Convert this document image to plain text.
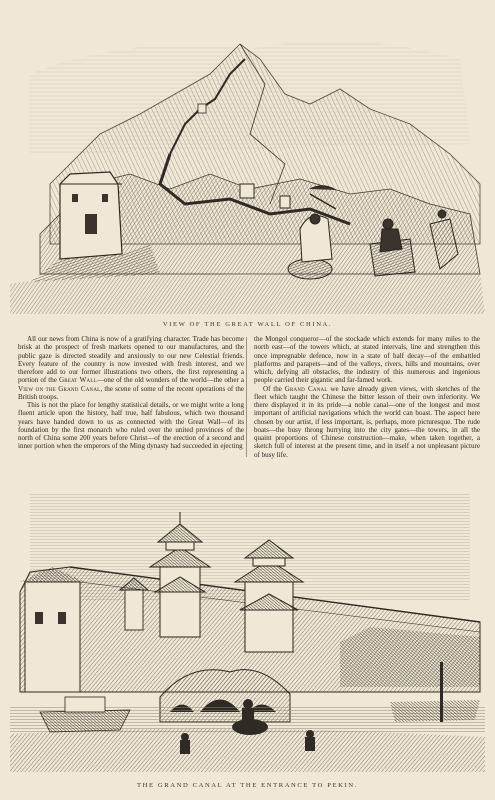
VIEW OF THE GREAT WALL OF CHINA.

All our news from China is now of a gratifying character. Trade has become brisk at the prospect of fresh markets opened to our manufactures, and the public gaze is directed steadily and anxiously to our new Celestial friends. Every feature of the country is now invested with fresh interest, and we therefore add to our former illustrations two others, the first representing a portion of the Great Wall—one of the old wonders of the world—the other a View on the Grand Canal, the scene of some of the recent operations of the British troops.

This is not the place for lengthy statistical details, or we might write a long fluent article upon the history, half true, half fabulous, which two thousand years have handed down to us as connected with the Great Wall—of its foundation by the first monarch who ruled over the united provinces of the north of China some 200 years before Christ—of the erection of a second and inner portion when the emperors of the Ming dynasty had succeeded in ejecting

the Mongol conqueror—of the stockade which extends for many miles to the north east—of the towers which, at stated intervals, line and strengthen this once impregnable defence, now in a state of half decay—of the embattled platforms and parapets—and of the valleys, rivers, hills and mountains, over which, defying all obstacles, the industry of this numerous and ingenious people carried their gigantic and far-famed work.

Of the Grand Canal we have already given views, with sketches of the fleet which taught the Chinese the bitter lesson of their own inferiority. We there displayed it in its pride—a noble canal—one of the longest and most important of artificial navigations which the world can boast. The aspect here chosen by our artist, if less important, is, perhaps, more picturesque. The rude boats—the busy throng hurrying into the city gates—the towers, in all the quaint proportions of Chinese construction—make, when taken together, a sketch full of interest at the present time, and in itself a not unpleasant picture of busy life.

THE GRAND CANAL AT THE ENTRANCE TO PEKIN.
